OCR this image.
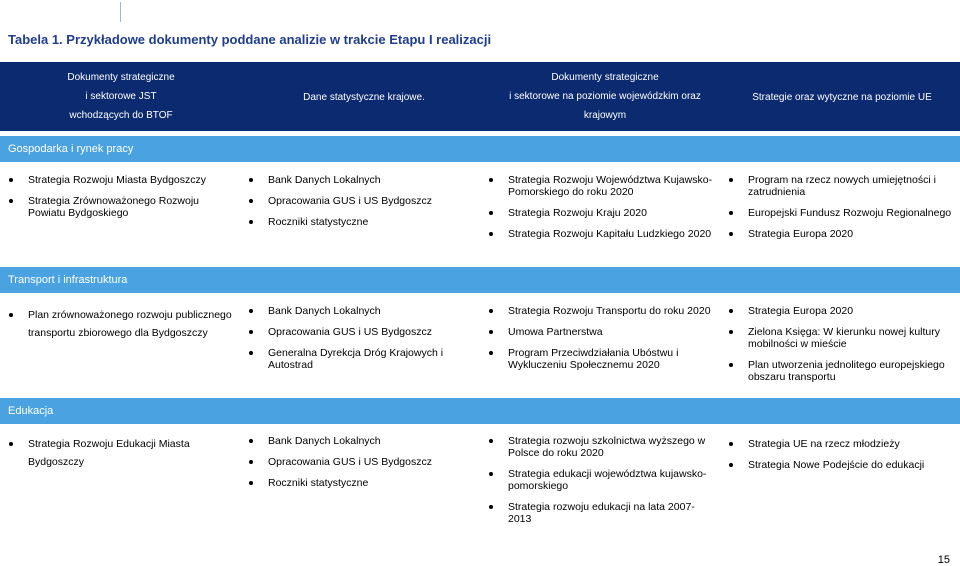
Tabela 1. Przykładowe dokumenty poddane analizie w trakcie Etapu I realizacji
Dokumenty strategiczne
i sektorowe JST
wchodzących do BTOF
Dane statystyczne krajowe.
Dokumenty strategiczne
i sektorowe na poziomie wojewódzkim oraz
krajowym
Strategie oraz wytyczne na poziomie UE
Gospodarka i rynek pracy
Strategia Rozwoju Miasta Bydgoszczy
Strategia Zrównoważonego Rozwoju Powiatu Bydgoskiego
Bank Danych Lokalnych
Opracowania GUS i US Bydgoszcz
Roczniki statystyczne
Strategia Rozwoju Województwa Kujawsko-Pomorskiego do roku 2020
Strategia Rozwoju Kraju 2020
Strategia Rozwoju Kapitału Ludzkiego 2020
Program na rzecz nowych umiejętności i zatrudnienia
Europejski Fundusz Rozwoju Regionalnego
Strategia Europa 2020
Transport i infrastruktura
Plan zrównoważonego rozwoju publicznego transportu zbiorowego dla Bydgoszczy
Bank Danych Lokalnych
Opracowania GUS i US Bydgoszcz
Generalna Dyrekcja Dróg Krajowych i Autostrad
Strategia Rozwoju Transportu do roku 2020
Umowa Partnerstwa
Program Przeciwdziałania Ubóstwu i Wykluczeniu Społecznemu 2020
Strategia Europa 2020
Zielona Księga: W kierunku nowej kultury mobilności w mieście
Plan utworzenia jednolitego europejskiego obszaru transportu
Edukacja
Strategia Rozwoju Edukacji Miasta Bydgoszczy
Bank Danych Lokalnych
Opracowania GUS i US Bydgoszcz
Roczniki statystyczne
Strategia rozwoju szkolnictwa wyższego w Polsce do roku 2020
Strategia edukacji województwa kujawsko-pomorskiego
Strategia rozwoju edukacji na lata 2007-2013
Strategia UE na rzecz młodzieży
Strategia Nowe Podejście do edukacji
15
